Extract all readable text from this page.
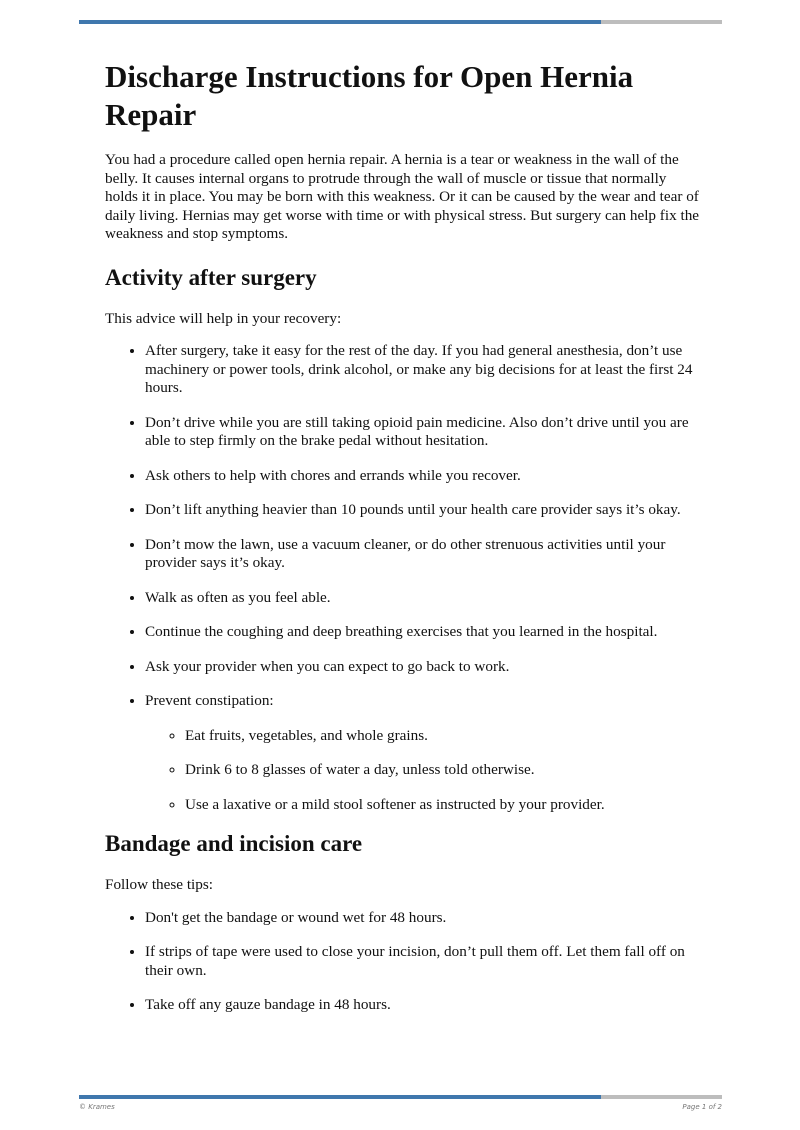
Discharge Instructions for Open Hernia Repair

You had a procedure called open hernia repair. A hernia is a tear or weakness in the wall of the belly. It causes internal organs to protrude through the wall of muscle or tissue that normally holds it in place. You may be born with this weakness. Or it can be caused by the wear and tear of daily living. Hernias may get worse with time or with physical stress. But surgery can help fix the weakness and stop symptoms.

Activity after surgery

This advice will help in your recovery:

• After surgery, take it easy for the rest of the day. If you had general anesthesia, don’t use machinery or power tools, drink alcohol, or make any big decisions for at least the first 24 hours.
• Don’t drive while you are still taking opioid pain medicine. Also don’t drive until you are able to step firmly on the brake pedal without hesitation.
• Ask others to help with chores and errands while you recover.
• Don’t lift anything heavier than 10 pounds until your health care provider says it’s okay.
• Don’t mow the lawn, use a vacuum cleaner, or do other strenuous activities until your provider says it’s okay.
• Walk as often as you feel able.
• Continue the coughing and deep breathing exercises that you learned in the hospital.
• Ask your provider when you can expect to go back to work.
• Prevent constipation:
◦ Eat fruits, vegetables, and whole grains.
◦ Drink 6 to 8 glasses of water a day, unless told otherwise.
◦ Use a laxative or a mild stool softener as instructed by your provider.
Bandage and incision care

Follow these tips:

• Don't get the bandage or wound wet for 48 hours.
• If strips of tape were used to close your incision, don’t pull them off. Let them fall off on their own.
• Take off any gauze bandage in 48 hours.
© Krames	Page 1 of 2
